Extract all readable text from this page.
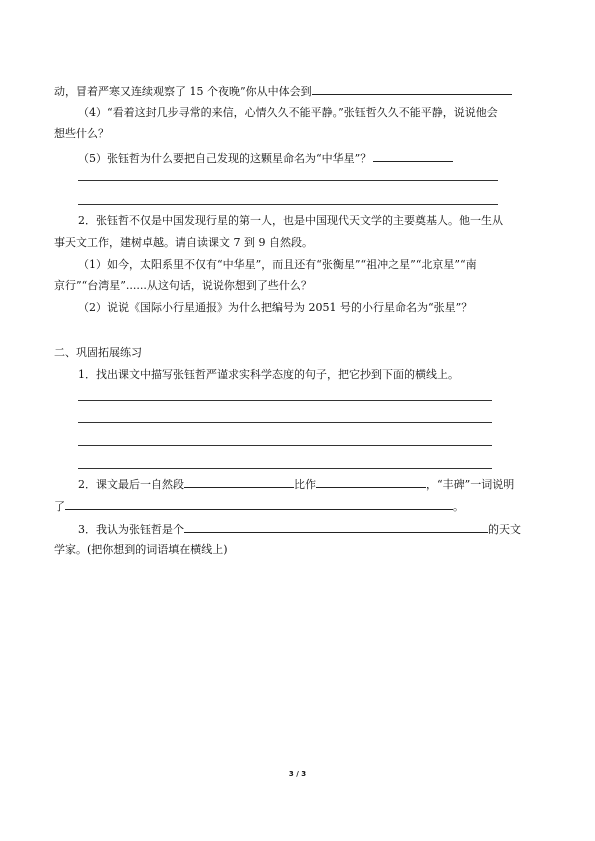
动，冒着严寒又连续观察了 15 个夜晚”你从中体会到
（4）“看着这封几步寻常的来信，心情久久不能平静。”张钰哲久久不能平静，说说他会
想些什么？
（5）张钰哲为什么要把自己发现的这颗星命名为“中华星”？
2．张钰哲不仅是中国发现行星的第一人，也是中国现代天文学的主要奠基人。他一生从
事天文工作，建树卓越。请自读课文 7 到 9 自然段。
（1）如今，太阳系里不仅有“中华星”，而且还有“张衡星”“祖冲之星”“北京星”“南
京行”“台湾星”......从这句话，说说你想到了些什么？
（2）说说《国际小行星通报》为什么把编号为 2051 号的小行星命名为“张星”？
二、巩固拓展练习
1．找出课文中描写张钰哲严谨求实科学态度的句子，把它抄到下面的横线上。
2．课文最后一自然段	比作	，“丰碑”一词说明
了	。
3．我认为张钰哲是个	的天文
学家。(把你想到的词语填在横线上)
3 / 3
